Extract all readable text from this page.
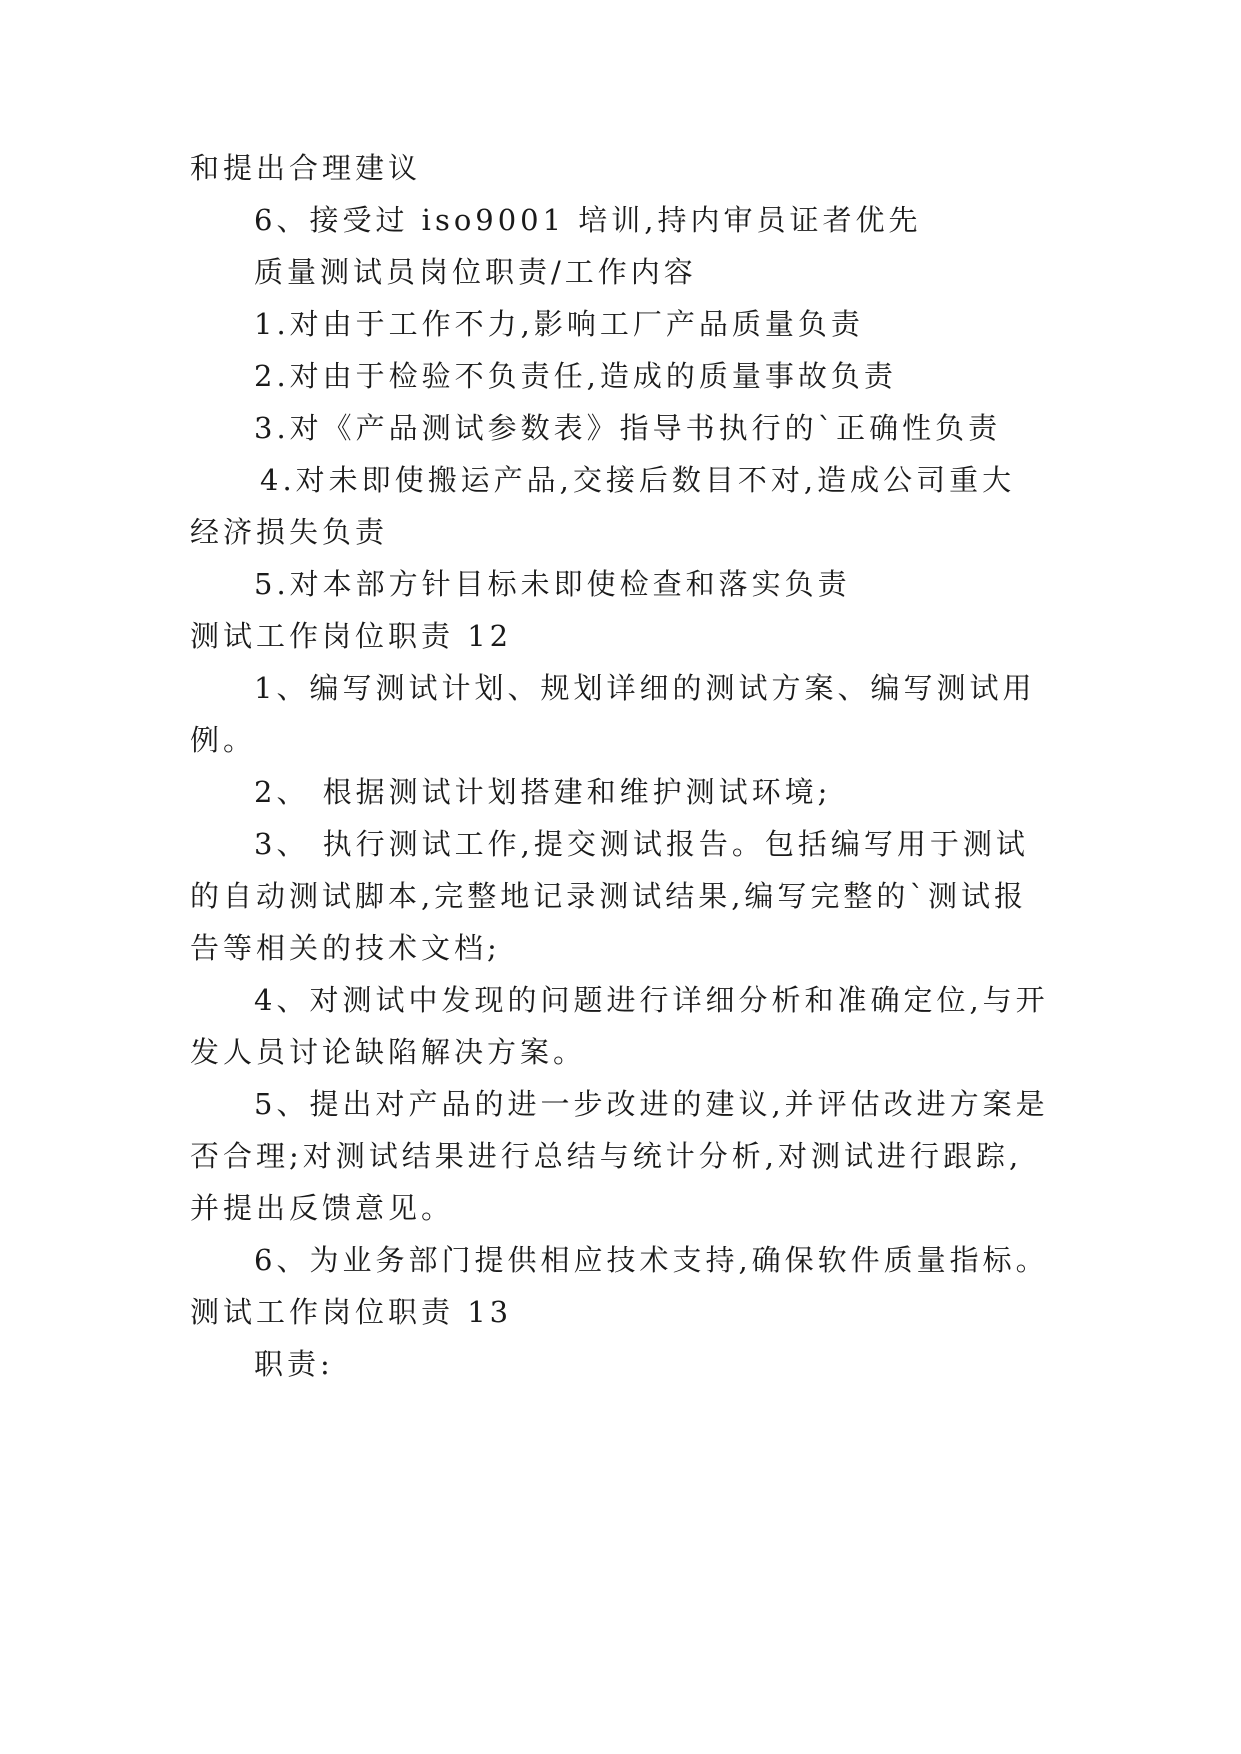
和提出合理建议
6、接受过 iso9001 培训,持内审员证者优先
质量测试员岗位职责/工作内容
1.对由于工作不力,影响工厂产品质量负责
2.对由于检验不负责任,造成的质量事故负责
3.对《产品测试参数表》指导书执行的`正确性负责
4.对未即使搬运产品,交接后数目不对,造成公司重大
经济损失负责
5.对本部方针目标未即使检查和落实负责
测试工作岗位职责 12
1、编写测试计划、规划详细的测试方案、编写测试用
例。
2、 根据测试计划搭建和维护测试环境;
3、 执行测试工作,提交测试报告。包括编写用于测试
的自动测试脚本,完整地记录测试结果,编写完整的`测试报
告等相关的技术文档;
4、对测试中发现的问题进行详细分析和准确定位,与开
发人员讨论缺陷解决方案。
5、提出对产品的进一步改进的建议,并评估改进方案是
否合理;对测试结果进行总结与统计分析,对测试进行跟踪,
并提出反馈意见。
6、为业务部门提供相应技术支持,确保软件质量指标。
测试工作岗位职责 13
职责:
